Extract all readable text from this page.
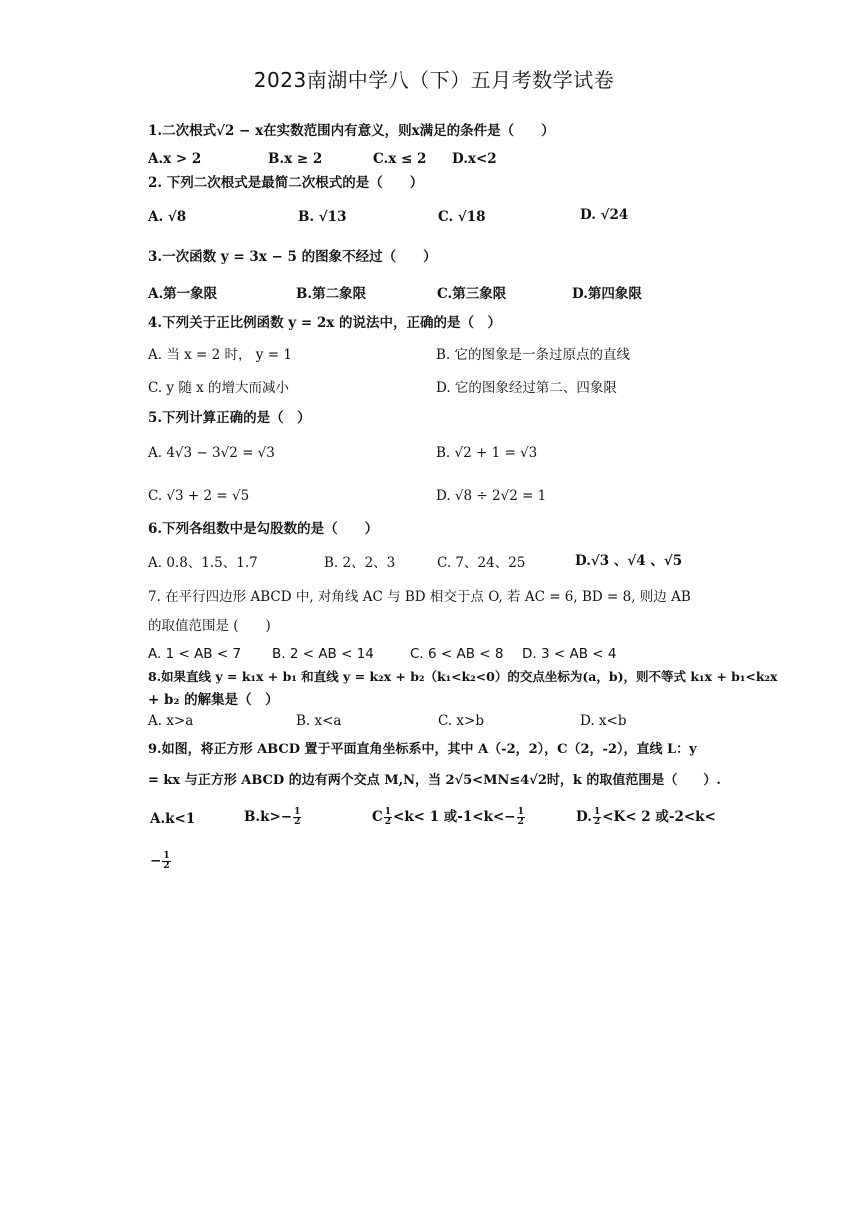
2023南湖中学八（下）五月考数学试卷
1.二次根式√2 − x在实数范围内有意义，则x满足的条件是（　　）
A.x > 2	B.x ≥ 2	C.x ≤ 2 D.x<2
2. 下列二次根式是最简二次根式的是（　　）
A. √8	B. √13	C. √18	D. √24
3.一次函数 y = 3x − 5 的图象不经过（　　）
A.第一象限	B.第二象限	C.第三象限	D.第四象限
4.下列关于正比例函数 y = 2x 的说法中，正确的是（　）
A. 当 x = 2 时， y = 1	B. 它的图象是一条过原点的直线
C. y 随 x 的增大而减小	D. 它的图象经过第二、四象限
5.下列计算正确的是（　）
A. 4√3 − 3√2 = √3	B. √2 + 1 = √3
C. √3 + 2 = √5	D. √8 ÷ 2√2 = 1
6.下列各组数中是勾股数的是（　　）
A. 0.8、1.5、1.7	B. 2、2、3	C. 7、24、25	D.√3 、√4 、√5
7. 在平行四边形 ABCD 中, 对角线 AC 与 BD 相交于点 O, 若 AC = 6, BD = 8, 则边 AB
的取值范围是 (　　)
A. 1 < AB < 7 B. 2 < AB < 14	C. 6 < AB < 8 D. 3 < AB < 4
8.如果直线 y = k₁x + b₁ 和直线 y = k₂x + b₂（k₁<k₂<0）的交点坐标为(a，b)，则不等式 k₁x + b₁<k₂x
+ b₂ 的解集是（　）
A. x>a	B. x<a	C. x>b	D. x<b
9.如图，将正方形 ABCD 置于平面直角坐标系中，其中 A（-2，2），C（2，-2），直线 L：y
= kx 与正方形 ABCD 的边有两个交点 M,N，当 2√5<MN≤4√2时，k 的取值范围是（　　）.
A.k<1	$B.k>- \frac{1}{2}$	C $\frac{1}{2} <k< 1$ 或$-1<k<- \frac{1}{2}$	D. $\frac{1}{2} <K< 2$ 或-2<k<
− $\frac{1}{2}$
